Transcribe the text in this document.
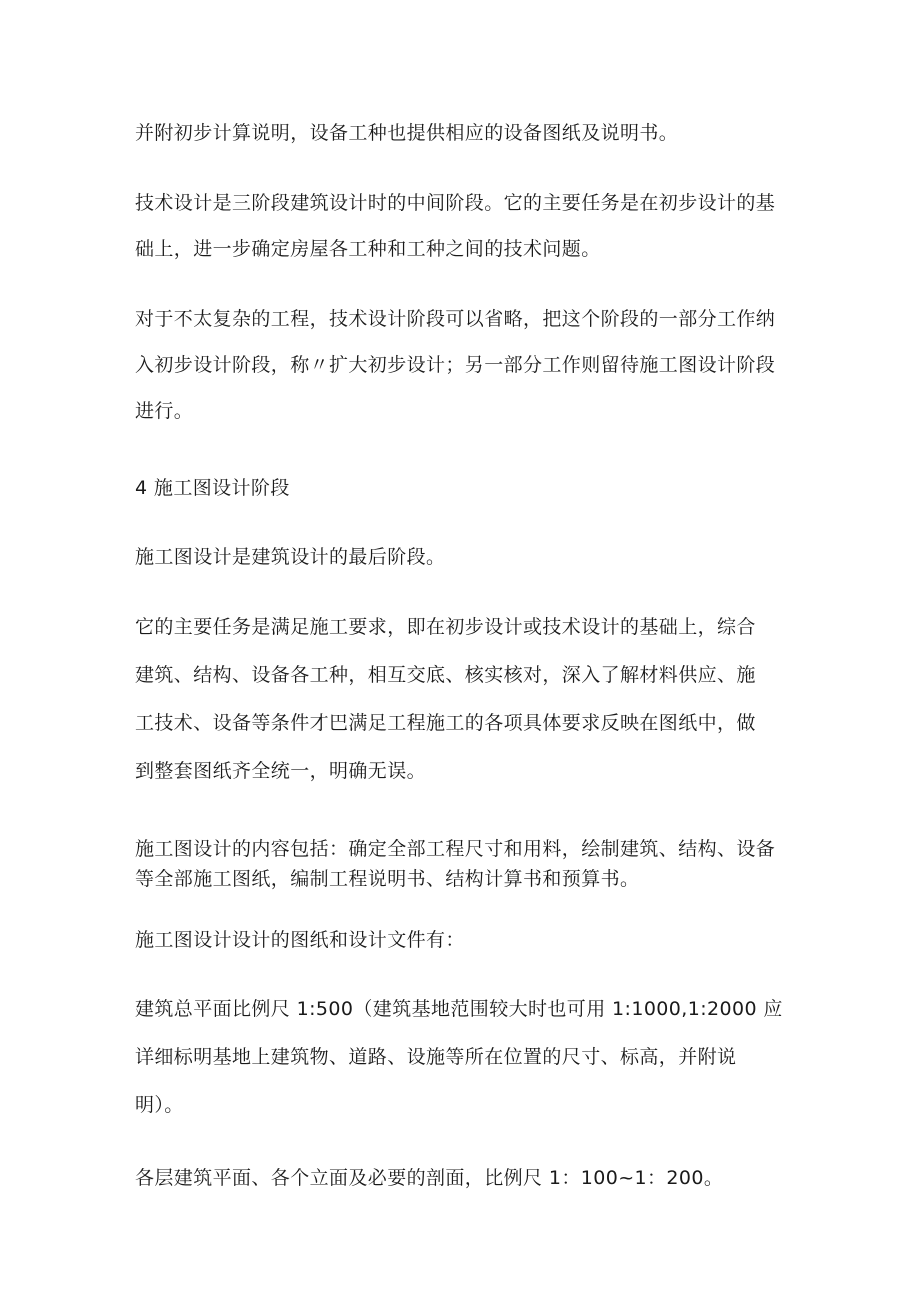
并附初步计算说明，设备工种也提供相应的设备图纸及说明书。

技术设计是三阶段建筑设计时的中间阶段。它的主要任务是在初步设计的基
础上，进一步确定房屋各工种和工种之间的技术问题。

对于不太复杂的工程，技术设计阶段可以省略，把这个阶段的一部分工作纳
入初步设计阶段，称〃扩大初步设计；另一部分工作则留待施工图设计阶段
进行。

4 施工图设计阶段

施工图设计是建筑设计的最后阶段。

它的主要任务是满足施工要求，即在初步设计或技术设计的基础上，综合
建筑、结构、设备各工种，相互交底、核实核对，深入了解材料供应、施
工技术、设备等条件才巴满足工程施工的各项具体要求反映在图纸中，做
到整套图纸齐全统一，明确无误。

施工图设计的内容包括：确定全部工程尺寸和用料，绘制建筑、结构、设备
等全部施工图纸，编制工程说明书、结构计算书和预算书。

施工图设计设计的图纸和设计文件有：

建筑总平面比例尺 1:500（建筑基地范围较大时也可用 1:1000,1:2000 应
详细标明基地上建筑物、道路、设施等所在位置的尺寸、标高，并附说
明）。

各层建筑平面、各个立面及必要的剖面，比例尺 1：100~1：200。
